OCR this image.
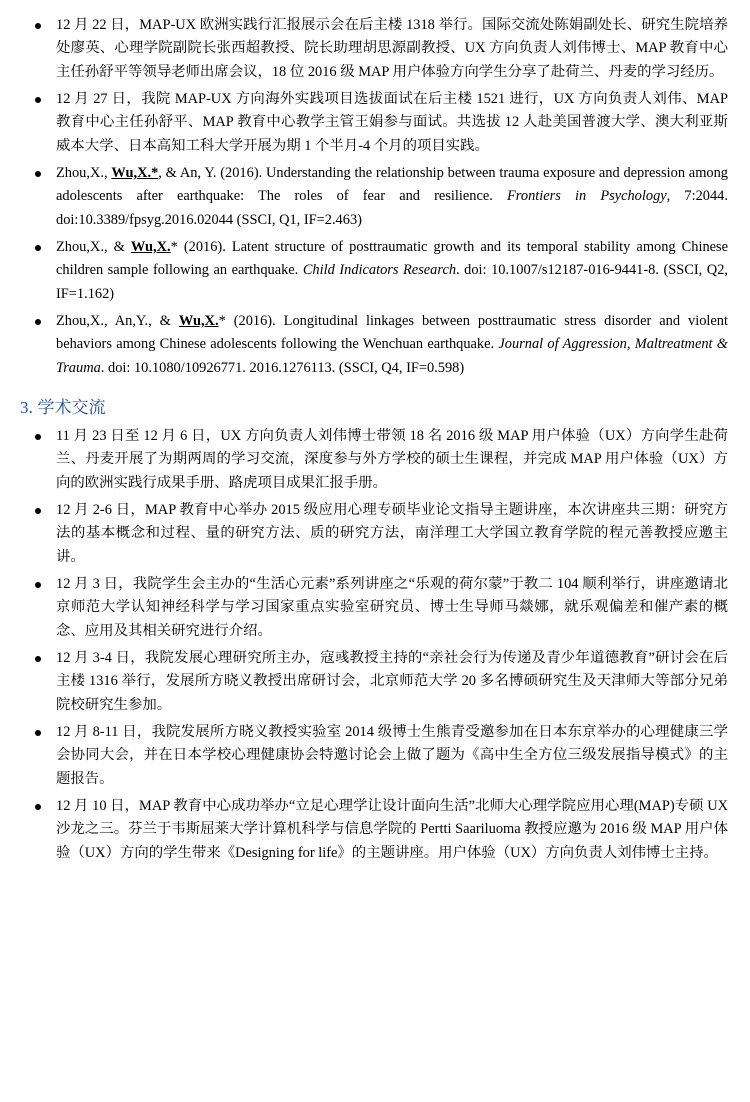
12 月 22 日，MAP-UX 欧洲实践行汇报展示会在后主楼 1318 举行。国际交流处陈娟副处长、研究生院培养处廖英、心理学院副院长张西超教授、院长助理胡思源副教授、UX 方向负责人刘伟博士、MAP 教育中心主任孙舒平等领导老师出席会议，18 位 2016 级 MAP 用户体验方向学生分享了赴荷兰、丹麦的学习经历。
12 月 27 日，我院 MAP-UX 方向海外实践项目选拔面试在后主楼 1521 进行，UX 方向负责人刘伟、MAP 教育中心主任孙舒平、MAP 教育中心教学主管王娟参与面试。共选拔 12 人赴美国普渡大学、澳大利亚斯威本大学、日本高知工科大学开展为期 1 个半月-4 个月的项目实践。
Zhou,X., Wu,X.*, & An, Y. (2016). Understanding the relationship between trauma exposure and depression among adolescents after earthquake: The roles of fear and resilience. Frontiers in Psychology, 7:2044. doi:10.3389/fpsyg.2016.02044 (SSCI, Q1, IF=2.463)
Zhou,X., & Wu,X.* (2016). Latent structure of posttraumatic growth and its temporal stability among Chinese children sample following an earthquake. Child Indicators Research. doi: 10.1007/s12187-016-9441-8. (SSCI, Q2, IF=1.162)
Zhou,X., An,Y., & Wu,X.* (2016). Longitudinal linkages between posttraumatic stress disorder and violent behaviors among Chinese adolescents following the Wenchuan earthquake. Journal of Aggression, Maltreatment & Trauma. doi: 10.1080/10926771. 2016.1276113. (SSCI, Q4, IF=0.598)
3. 学术交流
11 月 23 日至 12 月 6 日，UX 方向负责人刘伟博士带领 18 名 2016 级 MAP 用户体验（UX）方向学生赴荷兰、丹麦开展了为期两周的学习交流，深度参与外方学校的硕士生课程，并完成 MAP 用户体验（UX）方向的欧洲实践行成果手册、路虎项目成果汇报手册。
12 月 2-6 日，MAP 教育中心举办 2015 级应用心理专硕毕业论文指导主题讲座，本次讲座共三期：研究方法的基本概念和过程、量的研究方法、质的研究方法，南洋理工大学国立教育学院的程元善教授应邀主讲。
12 月 3 日，我院学生会主办的“生活心元素”系列讲座之“乐观的荷尔蒙”于教二 104 顺利举行，讲座邀请北京师范大学认知神经科学与学习国家重点实验室研究员、博士生导师马燚娜，就乐观偏差和催产素的概念、应用及其相关研究进行介绍。
12 月 3-4 日，我院发展心理研究所主办，寇彧教授主持的“亲社会行为传递及青少年道德教育”研讨会在后主楼 1316 举行，发展所方晓义教授出席研讨会，北京师范大学 20 多名博硕研究生及天津师大等部分兄弟院校研究生参加。
12 月 8-11 日，我院发展所方晓义教授实验室 2014 级博士生熊青受邀参加在日本东京举办的心理健康三学会协同大会，并在日本学校心理健康协会特邀讨论会上做了题为《高中生全方位三级发展指导模式》的主题报告。
12 月 10 日，MAP 教育中心成功举办“立足心理学让设计面向生活”北师大心理学院应用心理(MAP)专硕 UX 沙龙之三。芬兰于韦斯屈莱大学计算机科学与信息学院的 Pertti Saariluoma 教授应邀为 2016 级 MAP 用户体验（UX）方向的学生带来《Designing for life》的主题讲座。用户体验（UX）方向负责人刘伟博士主持。
